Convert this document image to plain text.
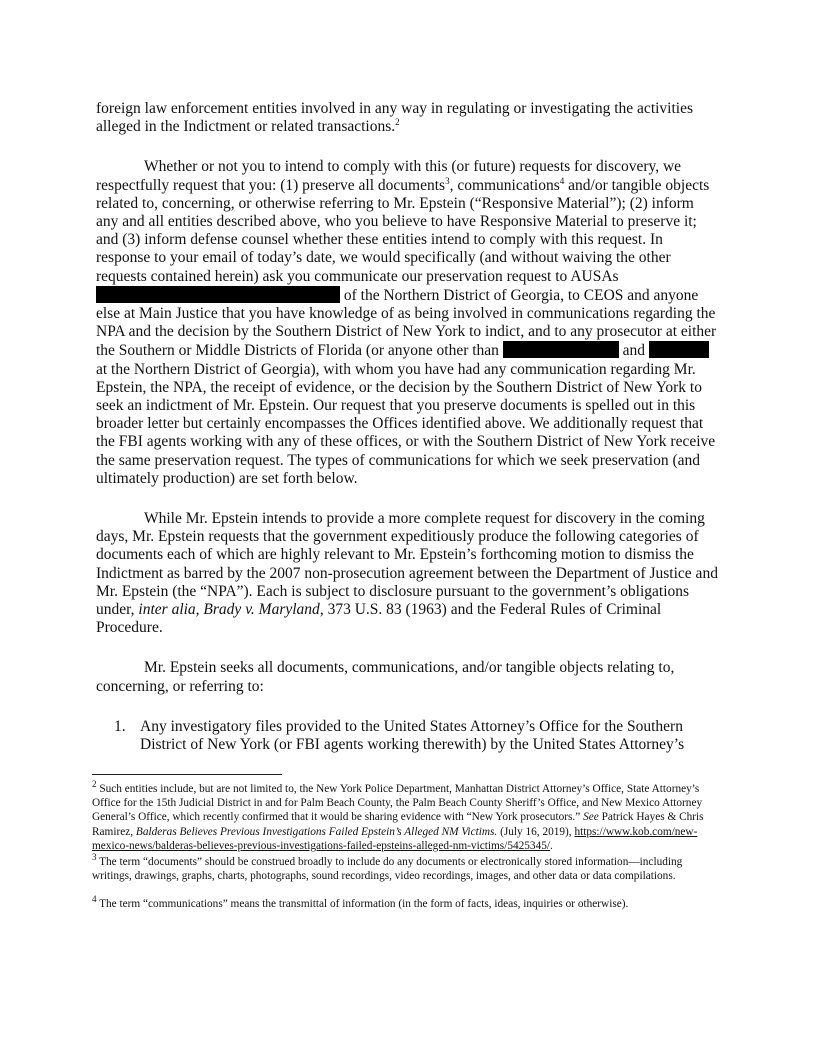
foreign law enforcement entities involved in any way in regulating or investigating the activities alleged in the Indictment or related transactions.$^2$

Whether or not you to intend to comply with this (or future) requests for discovery, we respectfully request that you: (1) preserve all documents$^3$, communications$^4$ and/or tangible objects related to, concerning, or otherwise referring to Mr. Epstein (“Responsive Material”); (2) inform any and all entities described above, who you believe to have Responsive Material to preserve it; and (3) inform defense counsel whether these entities intend to comply with this request. In response to your email of today’s date, we would specifically (and without waiving the other requests contained herein) ask you communicate our preservation request to AUSAs  of the Northern District of Georgia, to CEOS and anyone else at Main Justice that you have knowledge of as being involved in communications regarding the NPA and the decision by the Southern District of New York to indict, and to any prosecutor at either the Southern or Middle Districts of Florida (or anyone other than	and  at the Northern District of Georgia), with whom you have had any communication regarding Mr. Epstein, the NPA, the receipt of evidence, or the decision by the Southern District of New York to seek an indictment of Mr. Epstein. Our request that you preserve documents is spelled out in this broader letter but certainly encompasses the Offices identified above. We additionally request that the FBI agents working with any of these offices, or with the Southern District of New York receive the same preservation request. The types of communications for which we seek preservation (and ultimately production) are set forth below.

While Mr. Epstein intends to provide a more complete request for discovery in the coming days, Mr. Epstein requests that the government expeditiously produce the following categories of documents each of which are highly relevant to Mr. Epstein’s forthcoming motion to dismiss the Indictment as barred by the 2007 non-prosecution agreement between the Department of Justice and Mr. Epstein (the “NPA”). Each is subject to disclosure pursuant to the government’s obligations under, inter alia, Brady v. Maryland, 373 U.S. 83 (1963) and the Federal Rules of Criminal Procedure.

Mr. Epstein seeks all documents, communications, and/or tangible objects relating to, concerning, or referring to:

1. Any investigatory files provided to the United States Attorney’s Office for the Southern District of New York (or FBI agents working therewith) by the United States Attorney’s

$^2$ Such entities include, but are not limited to, the New York Police Department, Manhattan District Attorney’s Office, State Attorney’s Office for the 15th Judicial District in and for Palm Beach County, the Palm Beach County Sheriff’s Office, and New Mexico Attorney General’s Office, which recently confirmed that it would be sharing evidence with “New York prosecutors.” See Patrick Hayes & Chris Ramirez, Balderas Believes Previous Investigations Failed Epstein’s Alleged NM Victims. (July 16, 2019), https://www.kob.com/new-mexico-news/balderas-believes-previous-investigations-failed-epsteins-alleged-nm-victims/5425345/.

$^3$ The term “documents” should be construed broadly to include do any documents or electronically stored information—including writings, drawings, graphs, charts, photographs, sound recordings, video recordings, images, and other data or data compilations.

$^4$ The term “communications” means the transmittal of information (in the form of facts, ideas, inquiries or otherwise).
